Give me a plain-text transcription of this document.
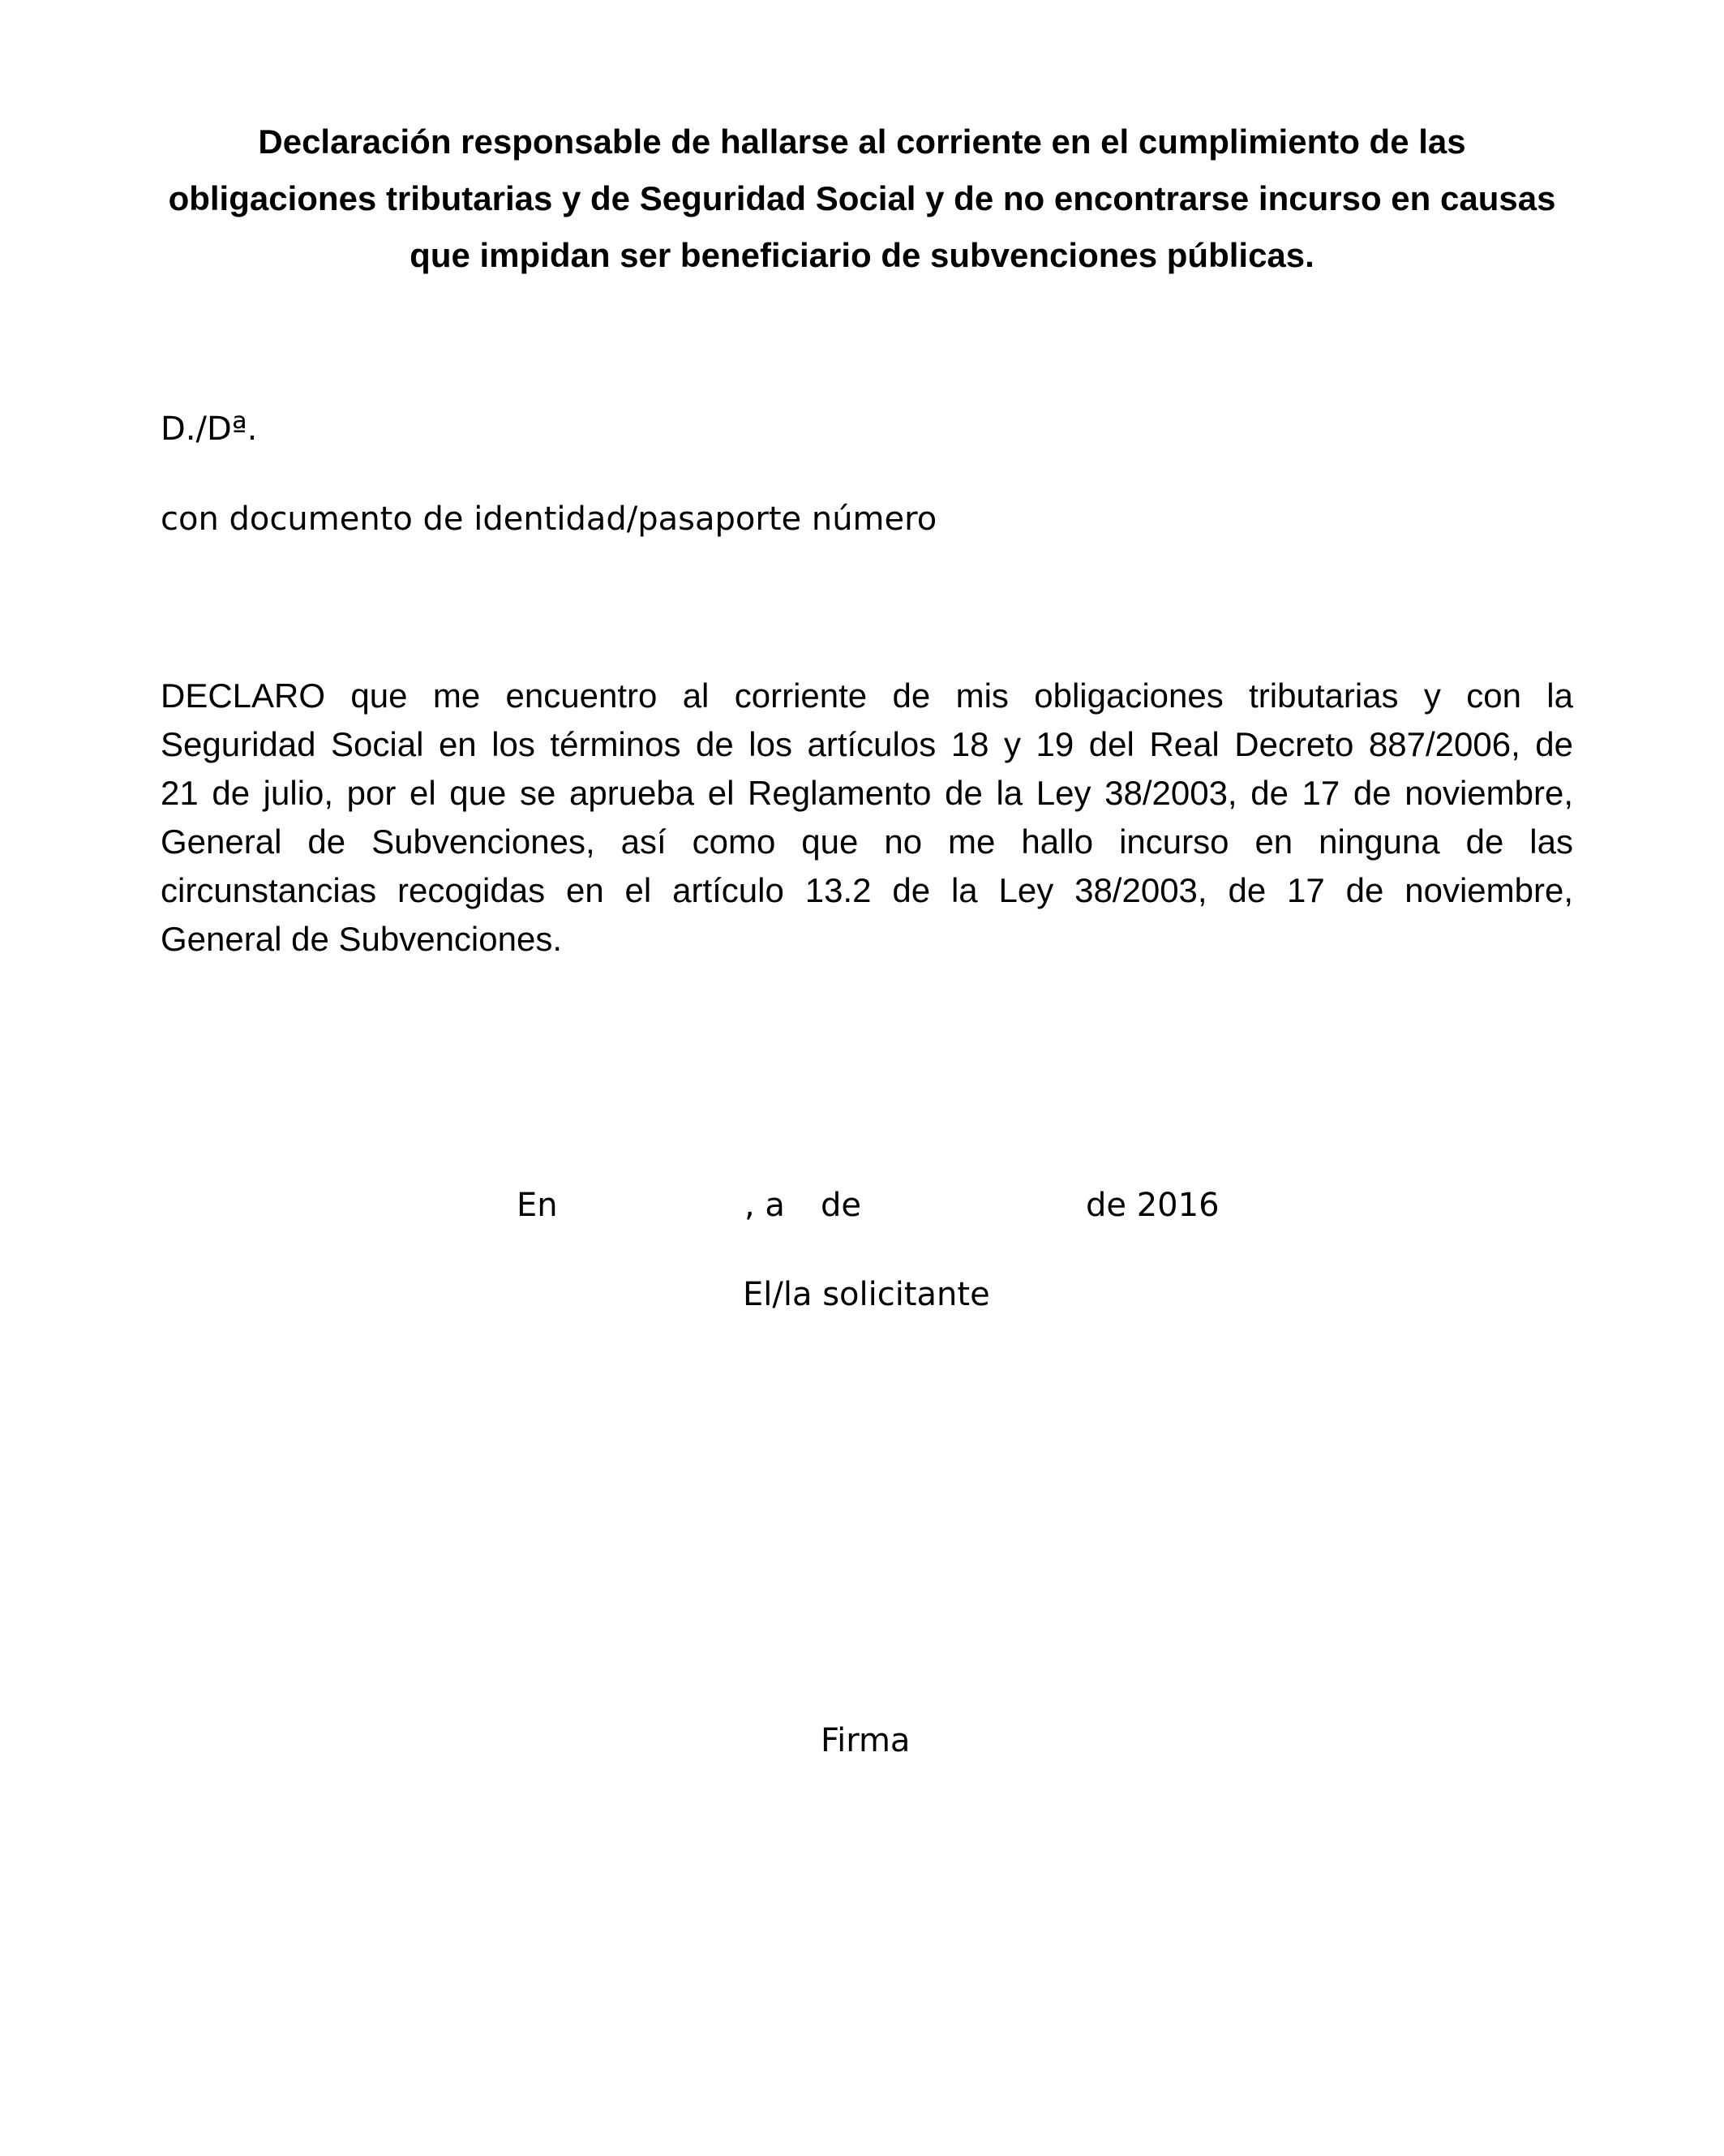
Declaración responsable de hallarse al corriente en el cumplimiento de las
obligaciones tributarias y de Seguridad Social y de no encontrarse incurso en causas
que impidan ser beneficiario de subvenciones públicas.
D./Dª.
con documento de identidad/pasaporte número
DECLARO que me encuentro al corriente de mis obligaciones tributarias y con la
Seguridad Social en los términos de los artículos 18 y 19 del Real Decreto 887/2006, de
21 de julio, por el que se aprueba el Reglamento de la Ley 38/2003, de 17 de noviembre,
General de Subvenciones, así como que no me hallo incurso en ninguna de las
circunstancias recogidas en el artículo 13.2 de la Ley 38/2003, de 17 de noviembre,
General de Subvenciones.
En	, a de	de 2016
El/la solicitante
Firma
